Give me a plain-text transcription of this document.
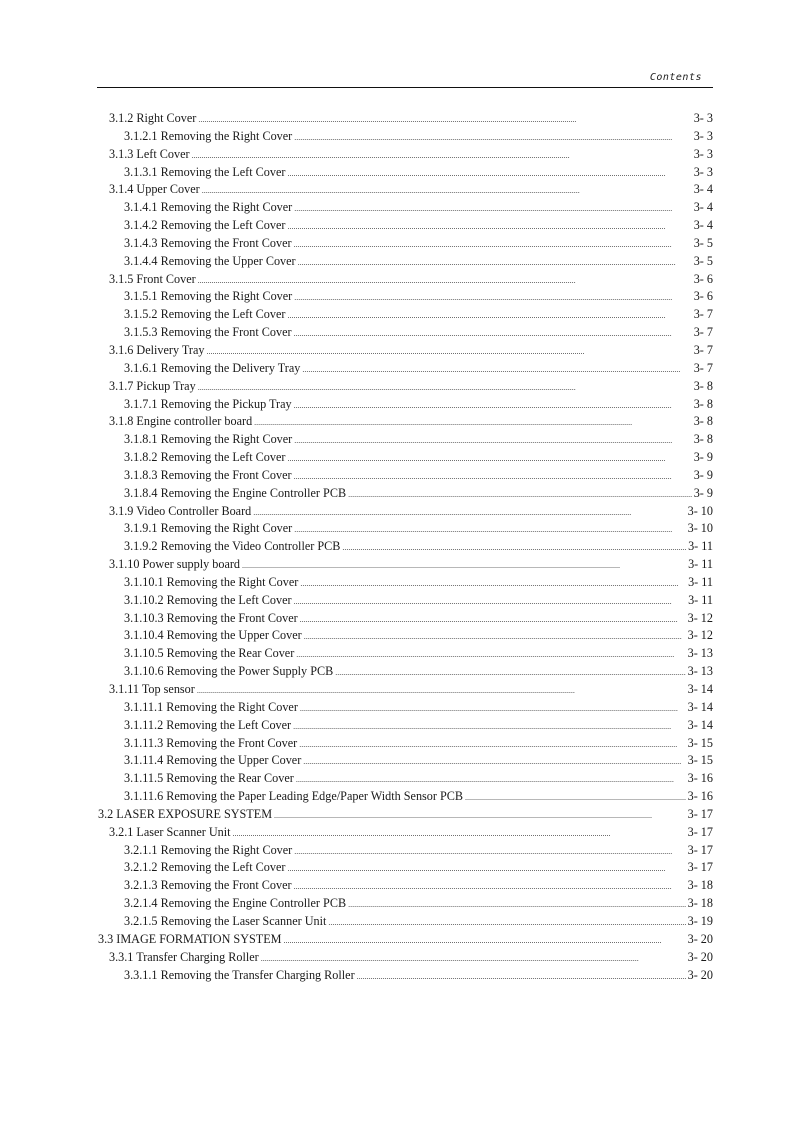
Contents
3.1.2 Right Cover . . .	3- 3
3.1.2.1 Removing the Right Cover . . .	3- 3
3.1.3 Left Cover . . .	3- 3
3.1.3.1 Removing the Left Cover . . .	3- 3
3.1.4 Upper Cover . . .	3- 4
3.1.4.1 Removing the Right Cover . . .	3- 4
3.1.4.2 Removing the Left Cover . . .	3- 4
3.1.4.3 Removing the Front Cover . . .	3- 5
3.1.4.4 Removing the Upper Cover . . .	3- 5
3.1.5 Front Cover . . .	3- 6
3.1.5.1 Removing the Right Cover . . .	3- 6
3.1.5.2 Removing the Left Cover . . .	3- 7
3.1.5.3 Removing the Front Cover . . .	3- 7
3.1.6 Delivery Tray . . .	3- 7
3.1.6.1 Removing the Delivery Tray . . .	3- 7
3.1.7 Pickup Tray . . .	3- 8
3.1.7.1 Removing the Pickup Tray . . .	3- 8
3.1.8 Engine controller board . . .	3- 8
3.1.8.1 Removing the Right Cover . . .	3- 8
3.1.8.2 Removing the Left Cover . . .	3- 9
3.1.8.3 Removing the Front Cover . . .	3- 9
3.1.8.4 Removing the Engine Controller PCB . . .	3- 9
3.1.9 Video Controller Board . . .	3- 10
3.1.9.1 Removing the Right Cover . . .	3- 10
3.1.9.2 Removing the Video Controller PCB . . .	3- 11
3.1.10 Power supply board . . .	3- 11
3.1.10.1 Removing the Right Cover . . .	3- 11
3.1.10.2 Removing the Left Cover . . .	3- 11
3.1.10.3 Removing the Front Cover . . .	3- 12
3.1.10.4 Removing the Upper Cover . . .	3- 12
3.1.10.5 Removing the Rear Cover . . .	3- 13
3.1.10.6 Removing the Power Supply PCB . . .	3- 13
3.1.11 Top sensor . . .	3- 14
3.1.11.1 Removing the Right Cover . . .	3- 14
3.1.11.2 Removing the Left Cover . . .	3- 14
3.1.11.3 Removing the Front Cover . . .	3- 15
3.1.11.4 Removing the Upper Cover . . .	3- 15
3.1.11.5 Removing the Rear Cover . . .	3- 16
3.1.11.6 Removing the Paper Leading Edge/Paper Width Sensor PCB . . .	3- 16
3.2 LASER EXPOSURE SYSTEM . . .	3- 17
3.2.1 Laser Scanner Unit . . .	3- 17
3.2.1.1 Removing the Right Cover . . .	3- 17
3.2.1.2 Removing the Left Cover . . .	3- 17
3.2.1.3 Removing the Front Cover . . .	3- 18
3.2.1.4 Removing the Engine Controller PCB . . .	3- 18
3.2.1.5 Removing the Laser Scanner Unit . . .	3- 19
3.3 IMAGE FORMATION SYSTEM . . .	3- 20
3.3.1 Transfer Charging Roller . . .	3- 20
3.3.1.1 Removing the Transfer Charging Roller . . .	3- 20
